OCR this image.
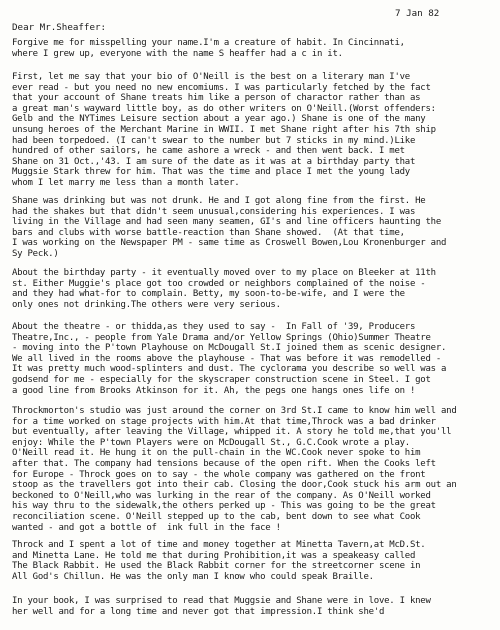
7 Jan 82
Dear Mr.Sheaffer:

Forgive me for misspelling your name.I'm a creature of habit. In Cincinnati,
where I grew up, everyone with the name S heaffer had a c in it.

First, let me say that your bio of O'Neill is the best on a literary man I've
ever read - but you need no new encomiums. I was particularly fetched by the fact
that your account of Shane treats him like a person of charactor rather than as
a great man's wayward little boy, as do other writers on O'Neill.(Worst offenders:
Gelb and the NYTimes Leisure section about a year ago.) Shane is one of the many
unsung heroes of the Merchant Marine in WWII. I met Shane right after his 7th ship
had been torpedoed. (I can't swear to the number but 7 sticks in my mind.)Like
hundred of other sailors, he came ashore a wreck - and then went back. I met
Shane on 31 Oct.,'43. I am sure of the date as it was at a birthday party that
Muggsie Stark threw for him. That was the time and place I met the young lady
whom I let marry me less than a month later.

Shane was drinking but was not drunk. He and I got along fine from the first. He
had the shakes but that didn't seem unusual,considering his experiences. I was
living in the Village and had seen many seamen, GI's and line officers haunting the
bars and clubs with worse battle-reaction than Shane showed.  (At that time,
I was working on the Newspaper PM - same time as Croswell Bowen,Lou Kronenburger and
Sy Peck.)

About the birthday party - it eventually moved over to my place on Bleeker at 11th
st. Either Muggie's place got too crowded or neighbors complained of the noise -
and they had what-for to complain. Betty, my soon-to-be-wife, and I were the
only ones not drinking.The others were very serious.

About the theatre - or thidda,as they used to say -  In Fall of '39, Producers
Theatre,Inc., - people from Yale Drama and/or Yellow Springs (Ohio)Summer Theatre
- moving into the P'town Playhouse on McDougall St.I joined them as scenic designer.
We all lived in the rooms above the playhouse - That was before it was remodelled -
It was pretty much wood-splinters and dust. The cyclorama you describe so well was a
godsend for me - especially for the skyscraper construction scene in Steel. I got
a good line from Brooks Atkinson for it. Ah, the pegs one hangs ones life on !

Throckmorton's studio was just around the corner on 3rd St.I came to know him well and
for a time worked on stage projects with him.At that time,Throck was a bad drinker
but eventually, after leaving the Village, whipped it. A story he told me,that you'll
enjoy: While the P'town Players were on McDougall St., G.C.Cook wrote a play.
O'Neill read it. He hung it on the pull-chain in the WC.Cook never spoke to him
after that. The company had tensions because of the open rift. When the Cooks left
for Europe - Throck goes on to say - the whole company was gathered on the front
stoop as the travellers got into their cab. Closing the door,Cook stuck his arm out an
beckoned to O'Neill,who was lurking in the rear of the company. As O'Neill worked
his way thru to the sidewalk,the others perked up - This was going to be the great
reconciliation scene. O'Neill stepped up to the cab, bent down to see what Cook
wanted - and got a bottle of  ink full in the face !

Throck and I spent a lot of time and money together at Minetta Tavern,at McD.St.
and Minetta Lane. He told me that during Prohibition,it was a speakeasy called
The Black Rabbit. He used the Black Rabbit corner for the streetcorner scene in
All God's Chillun. He was the only man I know who could speak Braille.

In your book, I was surprised to read that Muggsie and Shane were in love. I knew
her well and for a long time and never got that impression.I think she'd
